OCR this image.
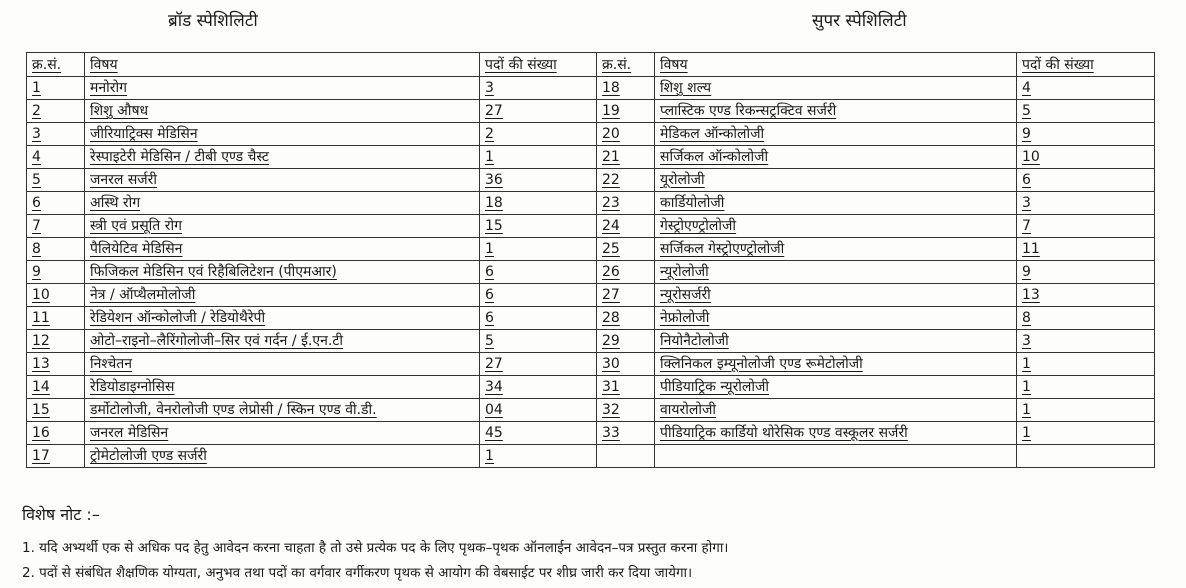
ब्रॉड स्पेशिलिटी	सुपर स्पेशिलिटी
क्र.सं.	विषय	पदों की संख्या	क्र.सं.	विषय	पदों की संख्या
1	मनोरोग	3	18	शिशु शल्य	4
2	शिशु औषध	27	19	प्लास्टिक एण्ड रिकन्सट्रक्टिव सर्जरी	5
3	जीरियाट्रिक्स मेडिसिन	2	20	मेडिकल ऑन्कोलोजी	9
4	रेस्पाइटेरी मेडिसिन / टीबी एण्ड चैस्ट	1	21	सर्जिकल ऑन्कोलोजी	10
5	जनरल सर्जरी	36	22	यूरोलोजी	6
6	अस्थि रोग	18	23	कार्डियोलोजी	3
7	स्त्री एवं प्रसूति रोग	15	24	गेस्ट्रोएण्ट्रोलोजी	7
8	पैलियेटिव मेडिसिन	1	25	सर्जिकल गेस्ट्रोएण्ट्रोलोजी	11
9	फिजिकल मेडिसिन एवं रिहैबिलिटेशन (पीएमआर)	6	26	न्यूरोलोजी	9
10	नेत्र / ऑप्थैलमोलोजी	6	27	न्यूरोसर्जरी	13
11	रेडियेशन ऑन्कोलोजी / रेडियोथैरेपी	6	28	नेफ्रोलोजी	8
12	ओटो–राइनो–लैरिंगोलोजी–सिर एवं गर्दन / ई.एन.टी	5	29	नियोनैटोलोजी	3
13	निश्चेतन	27	30	क्लिनिकल इम्यूनोलोजी एण्ड रूमेटोलोजी	1
14	रेडियोडाइग्नोसिस	34	31	पीडियाट्रिक न्यूरोलोजी	1
15	डर्मोटोलोजी, वेनरोलोजी एण्ड लेप्रोसी / स्किन एण्ड वी.डी.	04	32	वायरोलोजी	1
16	जनरल मेडिसिन	45	33	पीडियाट्रिक कार्डियो थोरेसिक एण्ड वस्कूलर सर्जरी	1
17	ट्रोमेटोलोजी एण्ड सर्जरी	1			
विशेष नोट :–
1. यदि अभ्यर्थी एक से अधिक पद हेतु आवेदन करना चाहता है तो उसे प्रत्येक पद के लिए पृथक–पृथक ऑनलाईन आवेदन–पत्र प्रस्तुत करना होगा।
2. पदों से संबंधित शैक्षणिक योग्यता, अनुभव तथा पदों का वर्गवार वर्गीकरण पृथक से आयोग की वेबसाईट पर शीघ्र जारी कर दिया जायेगा।
